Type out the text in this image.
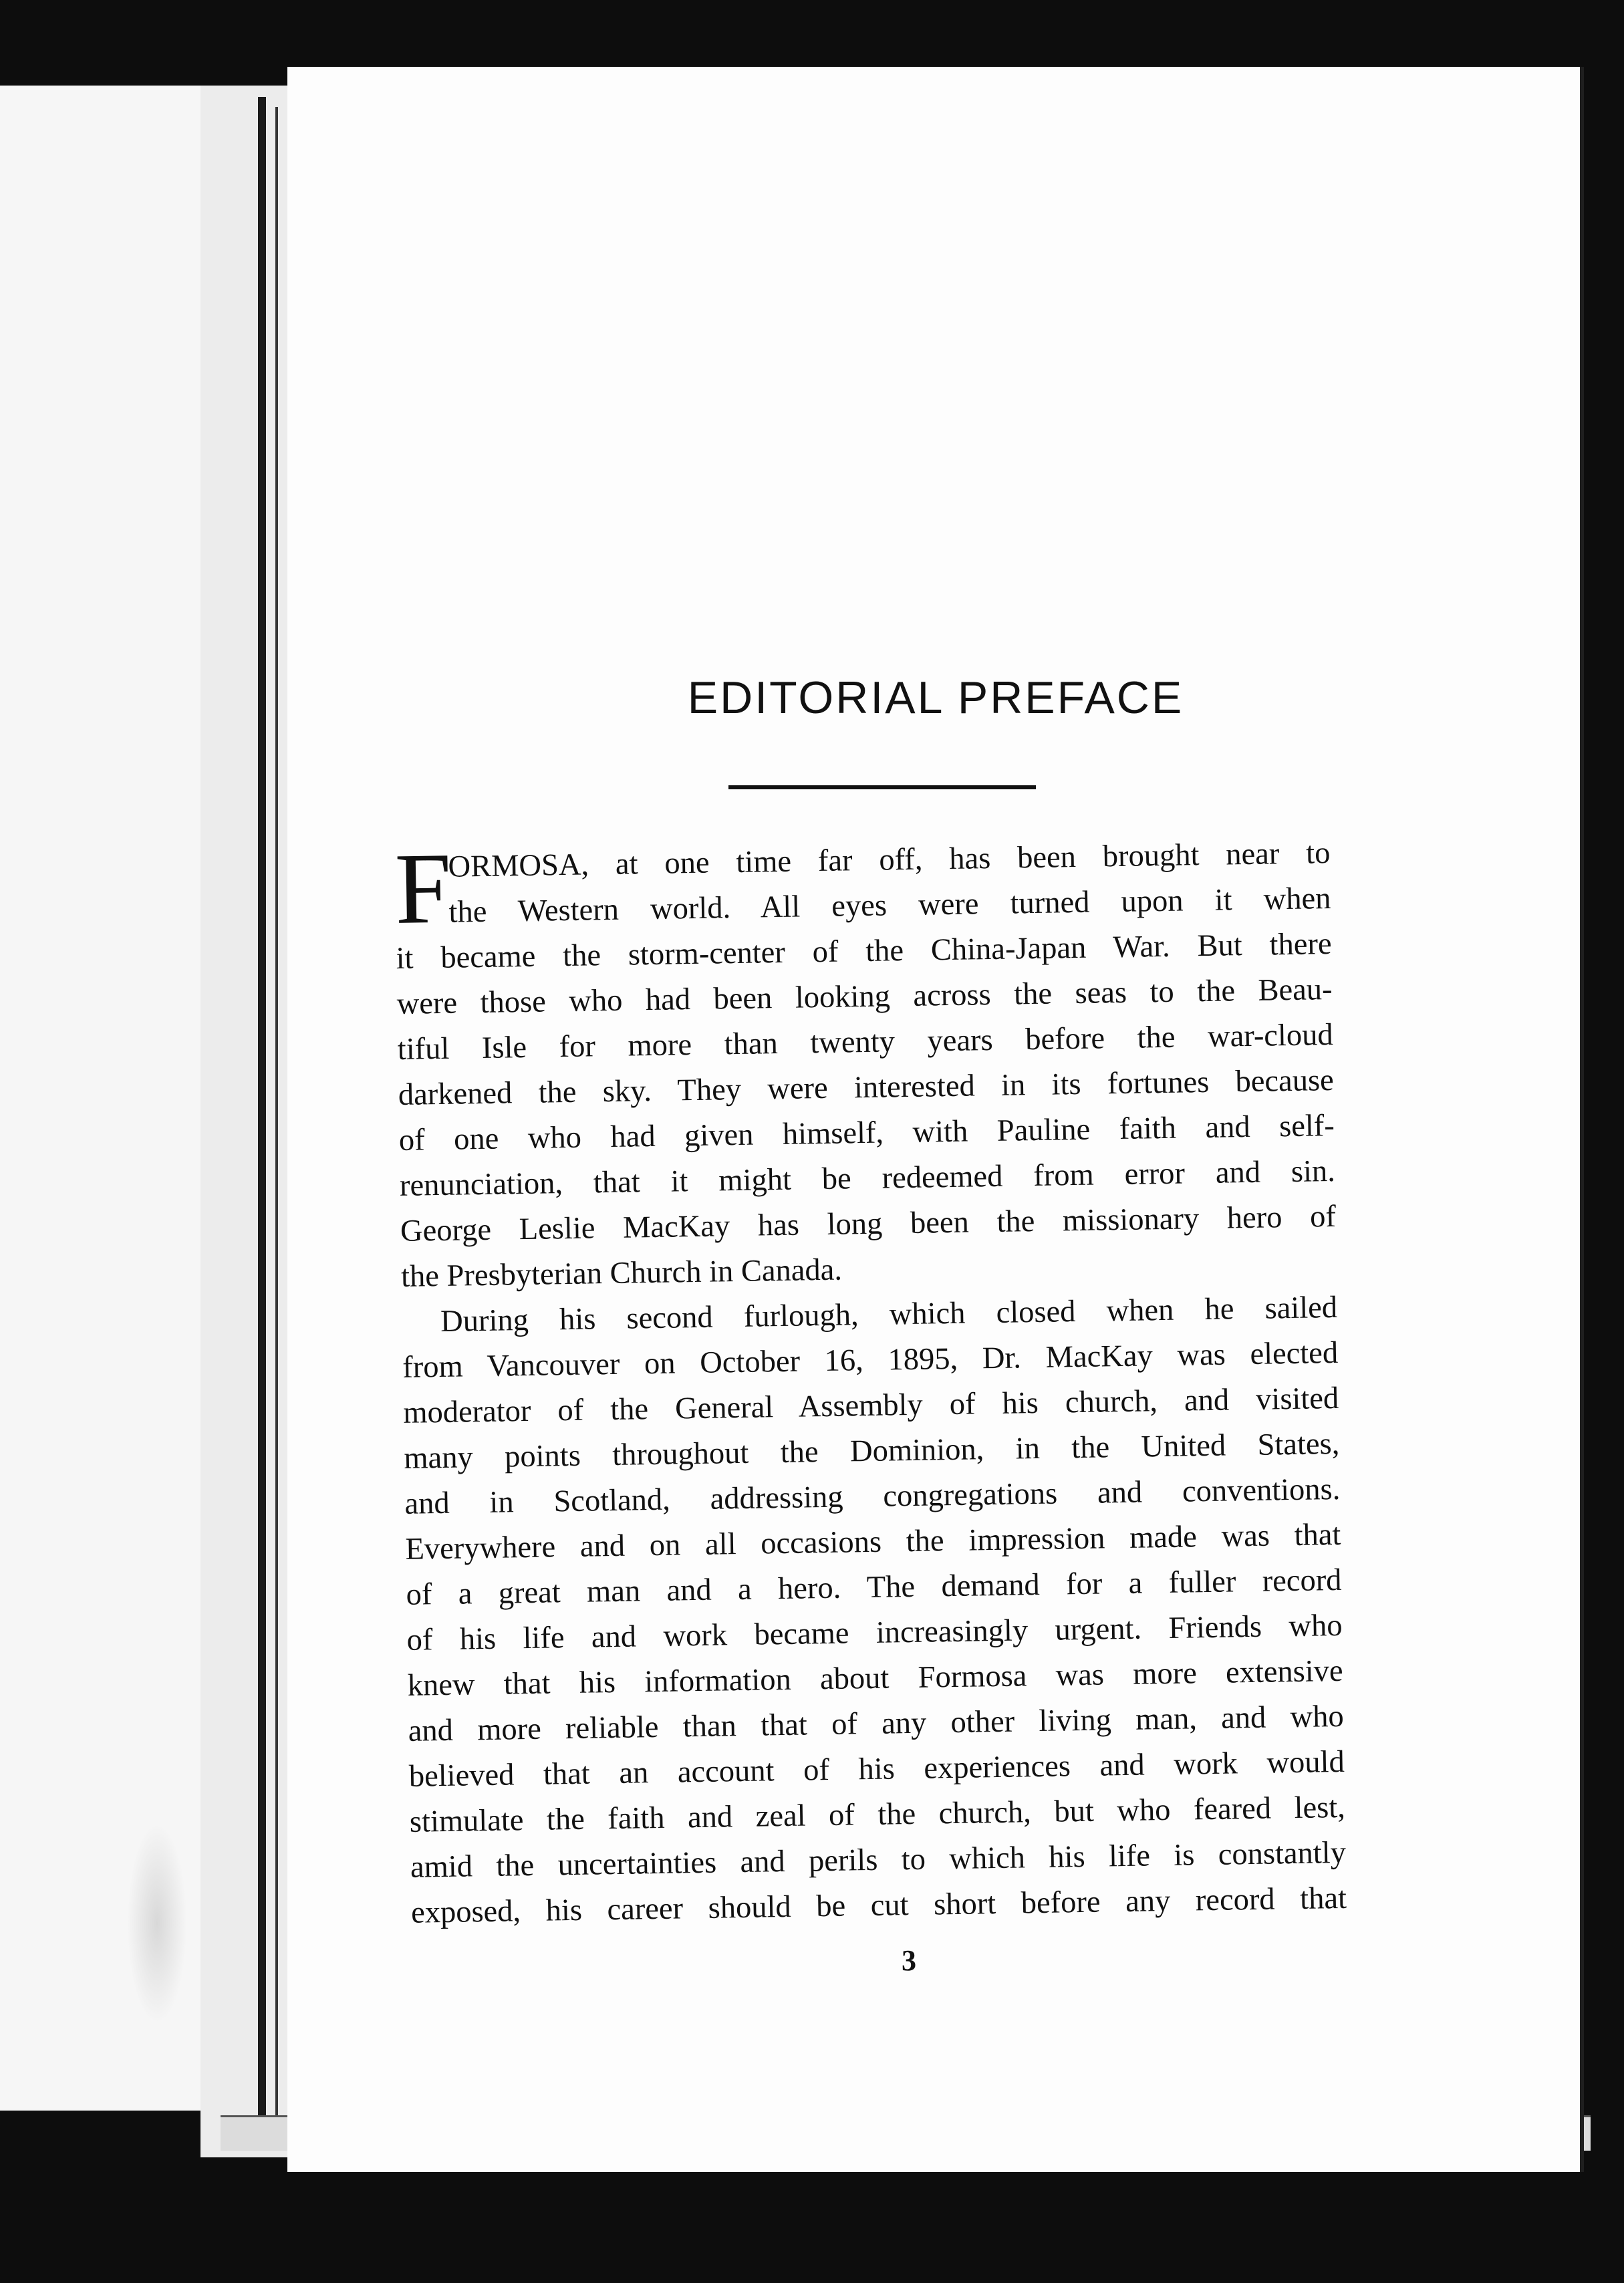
EDITORIAL PREFACE
F
ORMOSA, at one time far off, has been brought near to
the Western world. All eyes were turned upon it when
it became the storm-center of the China-Japan War. But there
were those who had been looking across the seas to the Beau-
tiful Isle for more than twenty years before the war-cloud
darkened the sky. They were interested in its fortunes because
of one who had given himself, with Pauline faith and self-
renunciation, that it might be redeemed from error and sin.
George Leslie MacKay has long been the missionary hero of
the Presbyterian Church in Canada.
During his second furlough, which closed when he sailed
from Vancouver on October 16, 1895, Dr. MacKay was elected
moderator of the General Assembly of his church, and visited
many points throughout the Dominion, in the United States,
and in Scotland, addressing congregations and conventions.
Everywhere and on all occasions the impression made was that
of a great man and a hero. The demand for a fuller record
of his life and work became increasingly urgent. Friends who
knew that his information about Formosa was more extensive
and more reliable than that of any other living man, and who
believed that an account of his experiences and work would
stimulate the faith and zeal of the church, but who feared lest,
amid the uncertainties and perils to which his life is constantly
exposed, his career should be cut short before any record that
3
